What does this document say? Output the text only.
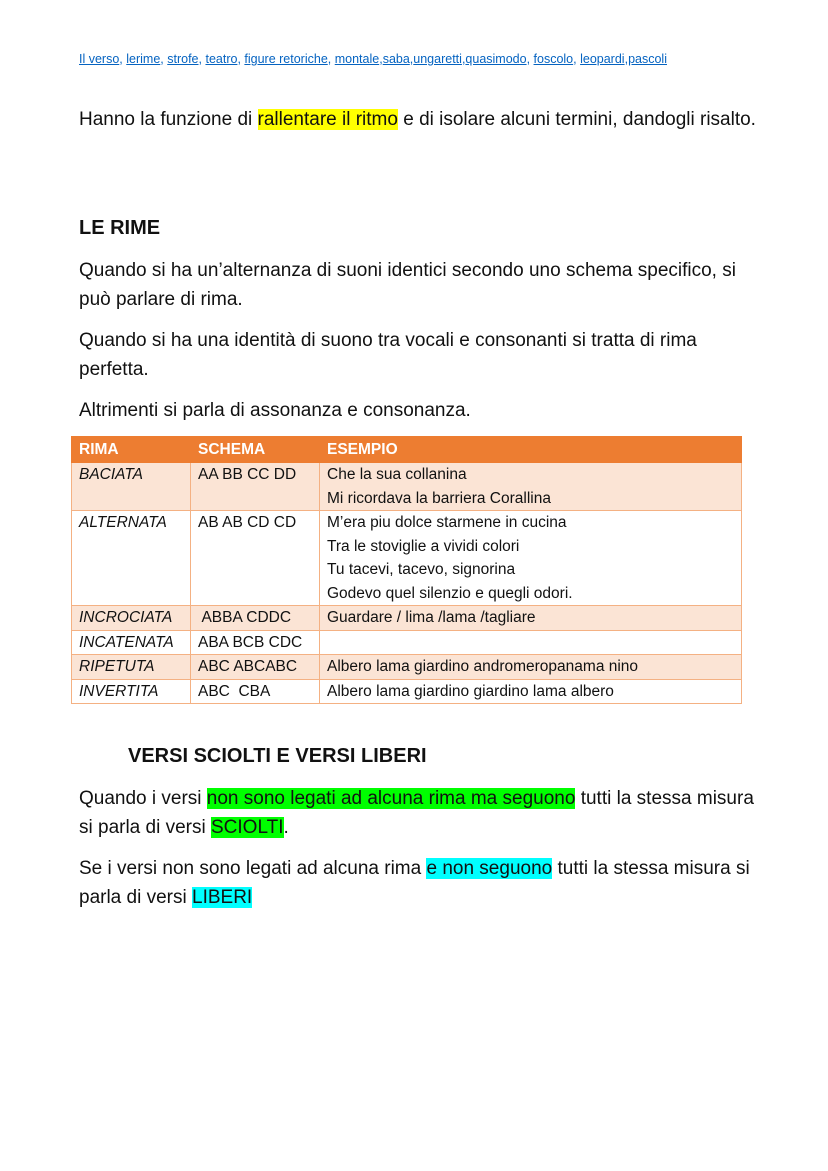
Il verso, lerime, strofe, teatro, figure retoriche, montale,saba,ungaretti,quasimodo, foscolo, leopardi,pascoli

Hanno la funzione di rallentare il ritmo e di isolare alcuni termini, dandogli risalto.

LE RIME

Quando si ha un’alternanza di suoni identici secondo uno schema specifico, si può parlare di rima.

Quando si ha una identità di suono tra vocali e consonanti si tratta di rima perfetta.

Altrimenti si parla di assonanza e consonanza.

RIMA	SCHEMA	ESEMPIO
BACIATA	AA BB CC DD	Che la sua collanina
Mi ricordava la barriera Corallina
ALTERNATA	AB AB CD CD	M’era piu dolce starmene in cucina
Tra le stoviglie a vividi colori
Tu tacevi, tacevo, signorina
Godevo quel silenzio e quegli odori.
INCROCIATA	ABBA CDDC	Guardare / lima /lama /tagliare
INCATENATA	ABA BCB CDC	
RIPETUTA	ABC ABCABC	Albero lama giardino andromeropanama nino
INVERTITA	ABC  CBA	Albero lama giardino giardino lama albero
VERSI SCIOLTI E VERSI LIBERI

Quando i versi non sono legati ad alcuna rima ma seguono tutti la stessa misura si parla di versi SCIOLTI.

Se i versi non sono legati ad alcuna rima e non seguono tutti la stessa misura si parla di versi LIBERI
